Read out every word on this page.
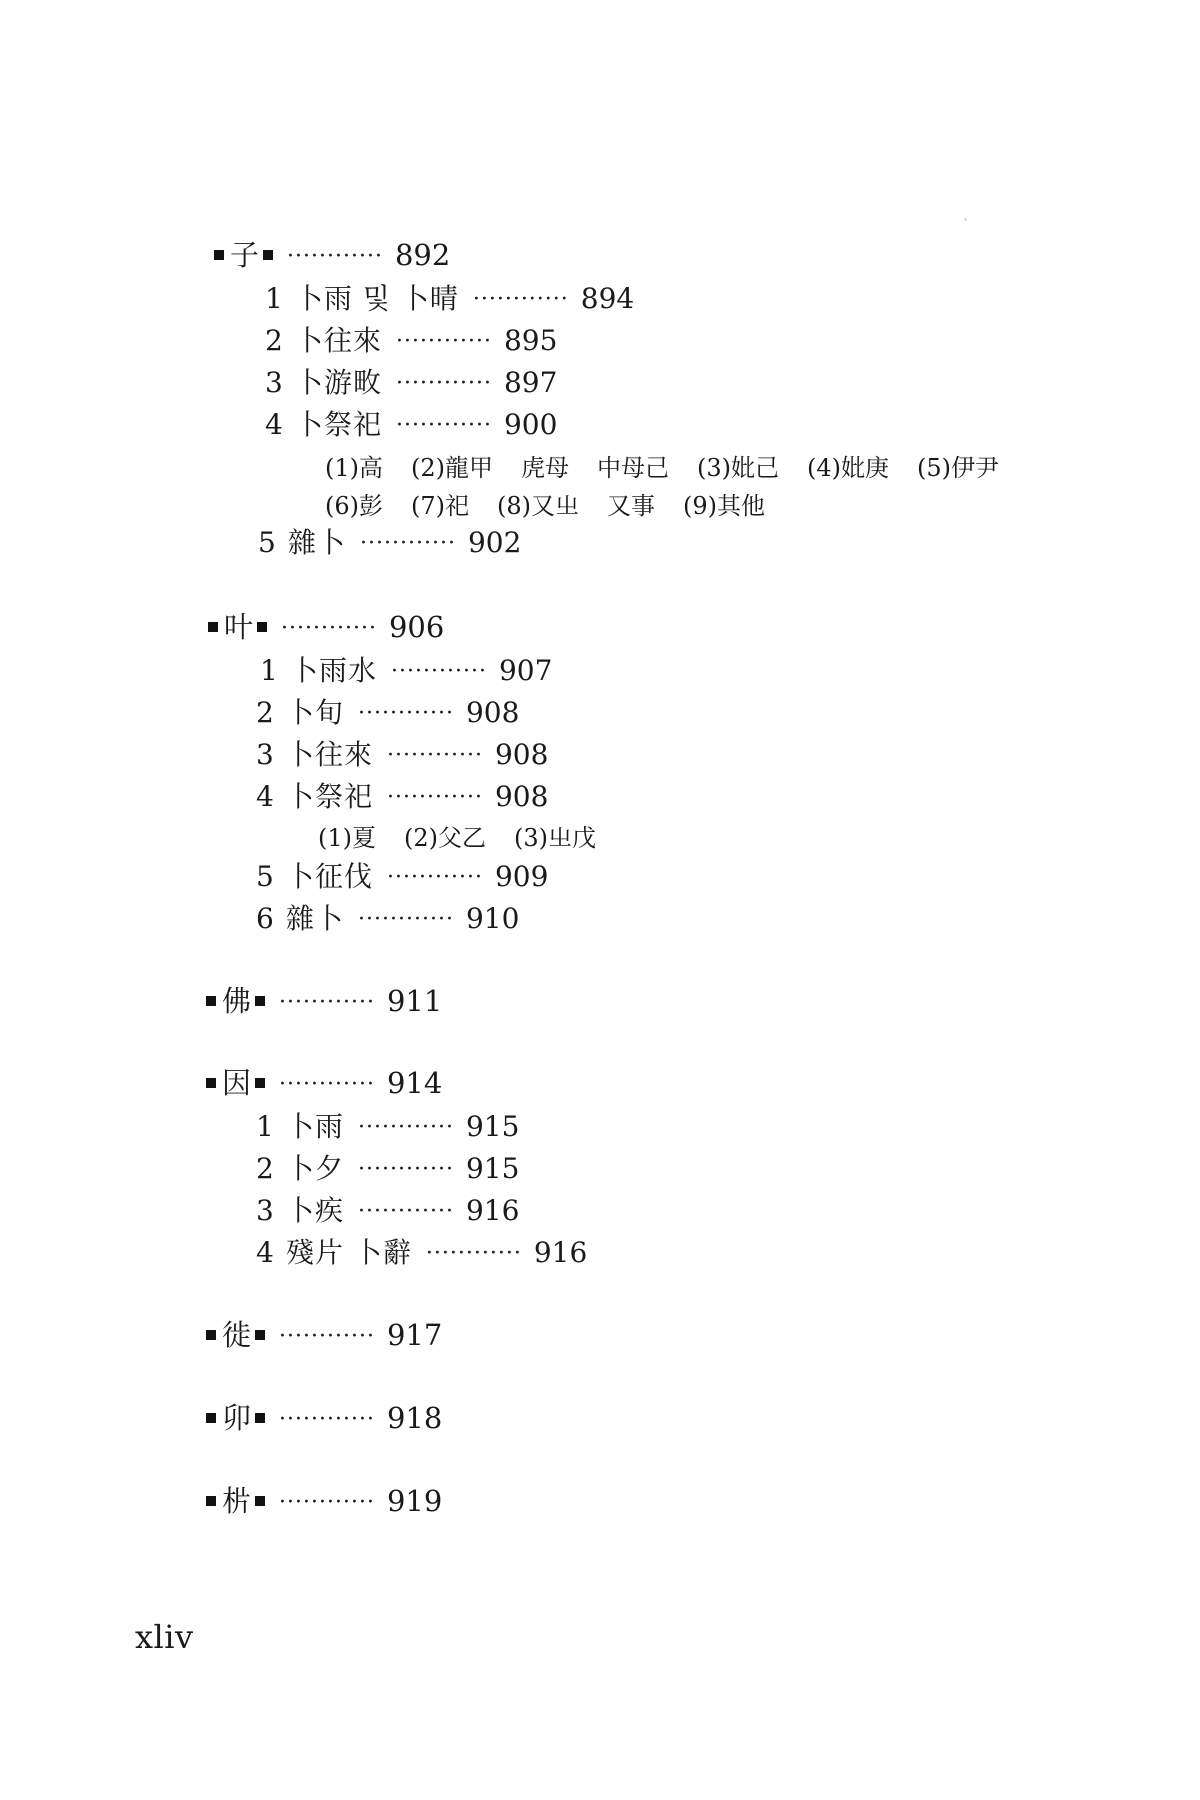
子 ············ 892
1 卜雨 및 卜晴 ············ 894
2 卜往來 ············ 895
3 卜游畋 ············ 897
4 卜祭祀 ············ 900
(1)高 (2)龍甲 虎母 中母己 (3)妣己 (4)妣庚 (5)伊尹
(6)彭 (7)祀 (8)又㞢 又事 (9)其他
5 雜卜 ············ 902
叶 ············ 906
1 卜雨水 ············ 907
2 卜旬 ············ 908
3 卜往來 ············ 908
4 卜祭祀 ············ 908
(1)夏 (2)父乙 (3)㞢戊
5 卜征伐 ············ 909
6 雜卜 ············ 910
佛 ············ 911
因 ············ 914
1 卜雨 ············ 915
2 卜夕 ············ 915
3 卜疾 ············ 916
4 殘片 卜辭 ············ 916
徙 ············ 917
卯 ············ 918
㭊 ············ 919
xliv
